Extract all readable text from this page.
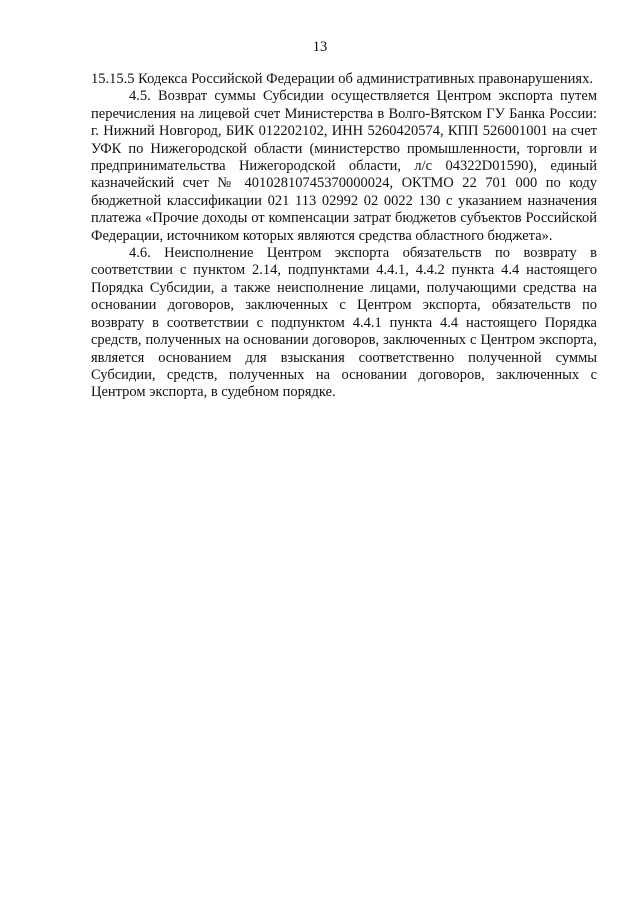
13

15.15.5 Кодекса Российской Федерации об административных правонарушениях.

4.5. Возврат суммы Субсидии осуществляется Центром экспорта путем перечисления на лицевой счет Министерства в Волго-Вятском ГУ Банка России: г. Нижний Новгород, БИК 012202102, ИНН 5260420574, КПП 526001001 на счет УФК по Нижегородской области (министерство промышленности, торговли и предпринимательства Нижегородской области, л/с 04322D01590), единый казначейский счет № 40102810745370000024, ОКТМО 22 701 000 по коду бюджетной классификации 021 113 02992 02 0022 130 с указанием назначения платежа «Прочие доходы от компенсации затрат бюджетов субъектов Российской Федерации, источником которых являются средства областного бюджета».

4.6. Неисполнение Центром экспорта обязательств по возврату в соответствии с пунктом 2.14, подпунктами 4.4.1, 4.4.2 пункта 4.4 настоящего Порядка Субсидии, а также неисполнение лицами, получающими средства на основании договоров, заключенных с Центром экспорта, обязательств по возврату в соответствии с подпунктом 4.4.1 пункта 4.4 настоящего Порядка средств, полученных на основании договоров, заключенных с Центром экспорта, является основанием для взыскания соответственно полученной суммы Субсидии, средств, полученных на основании договоров, заключенных с Центром экспорта, в судебном порядке.
